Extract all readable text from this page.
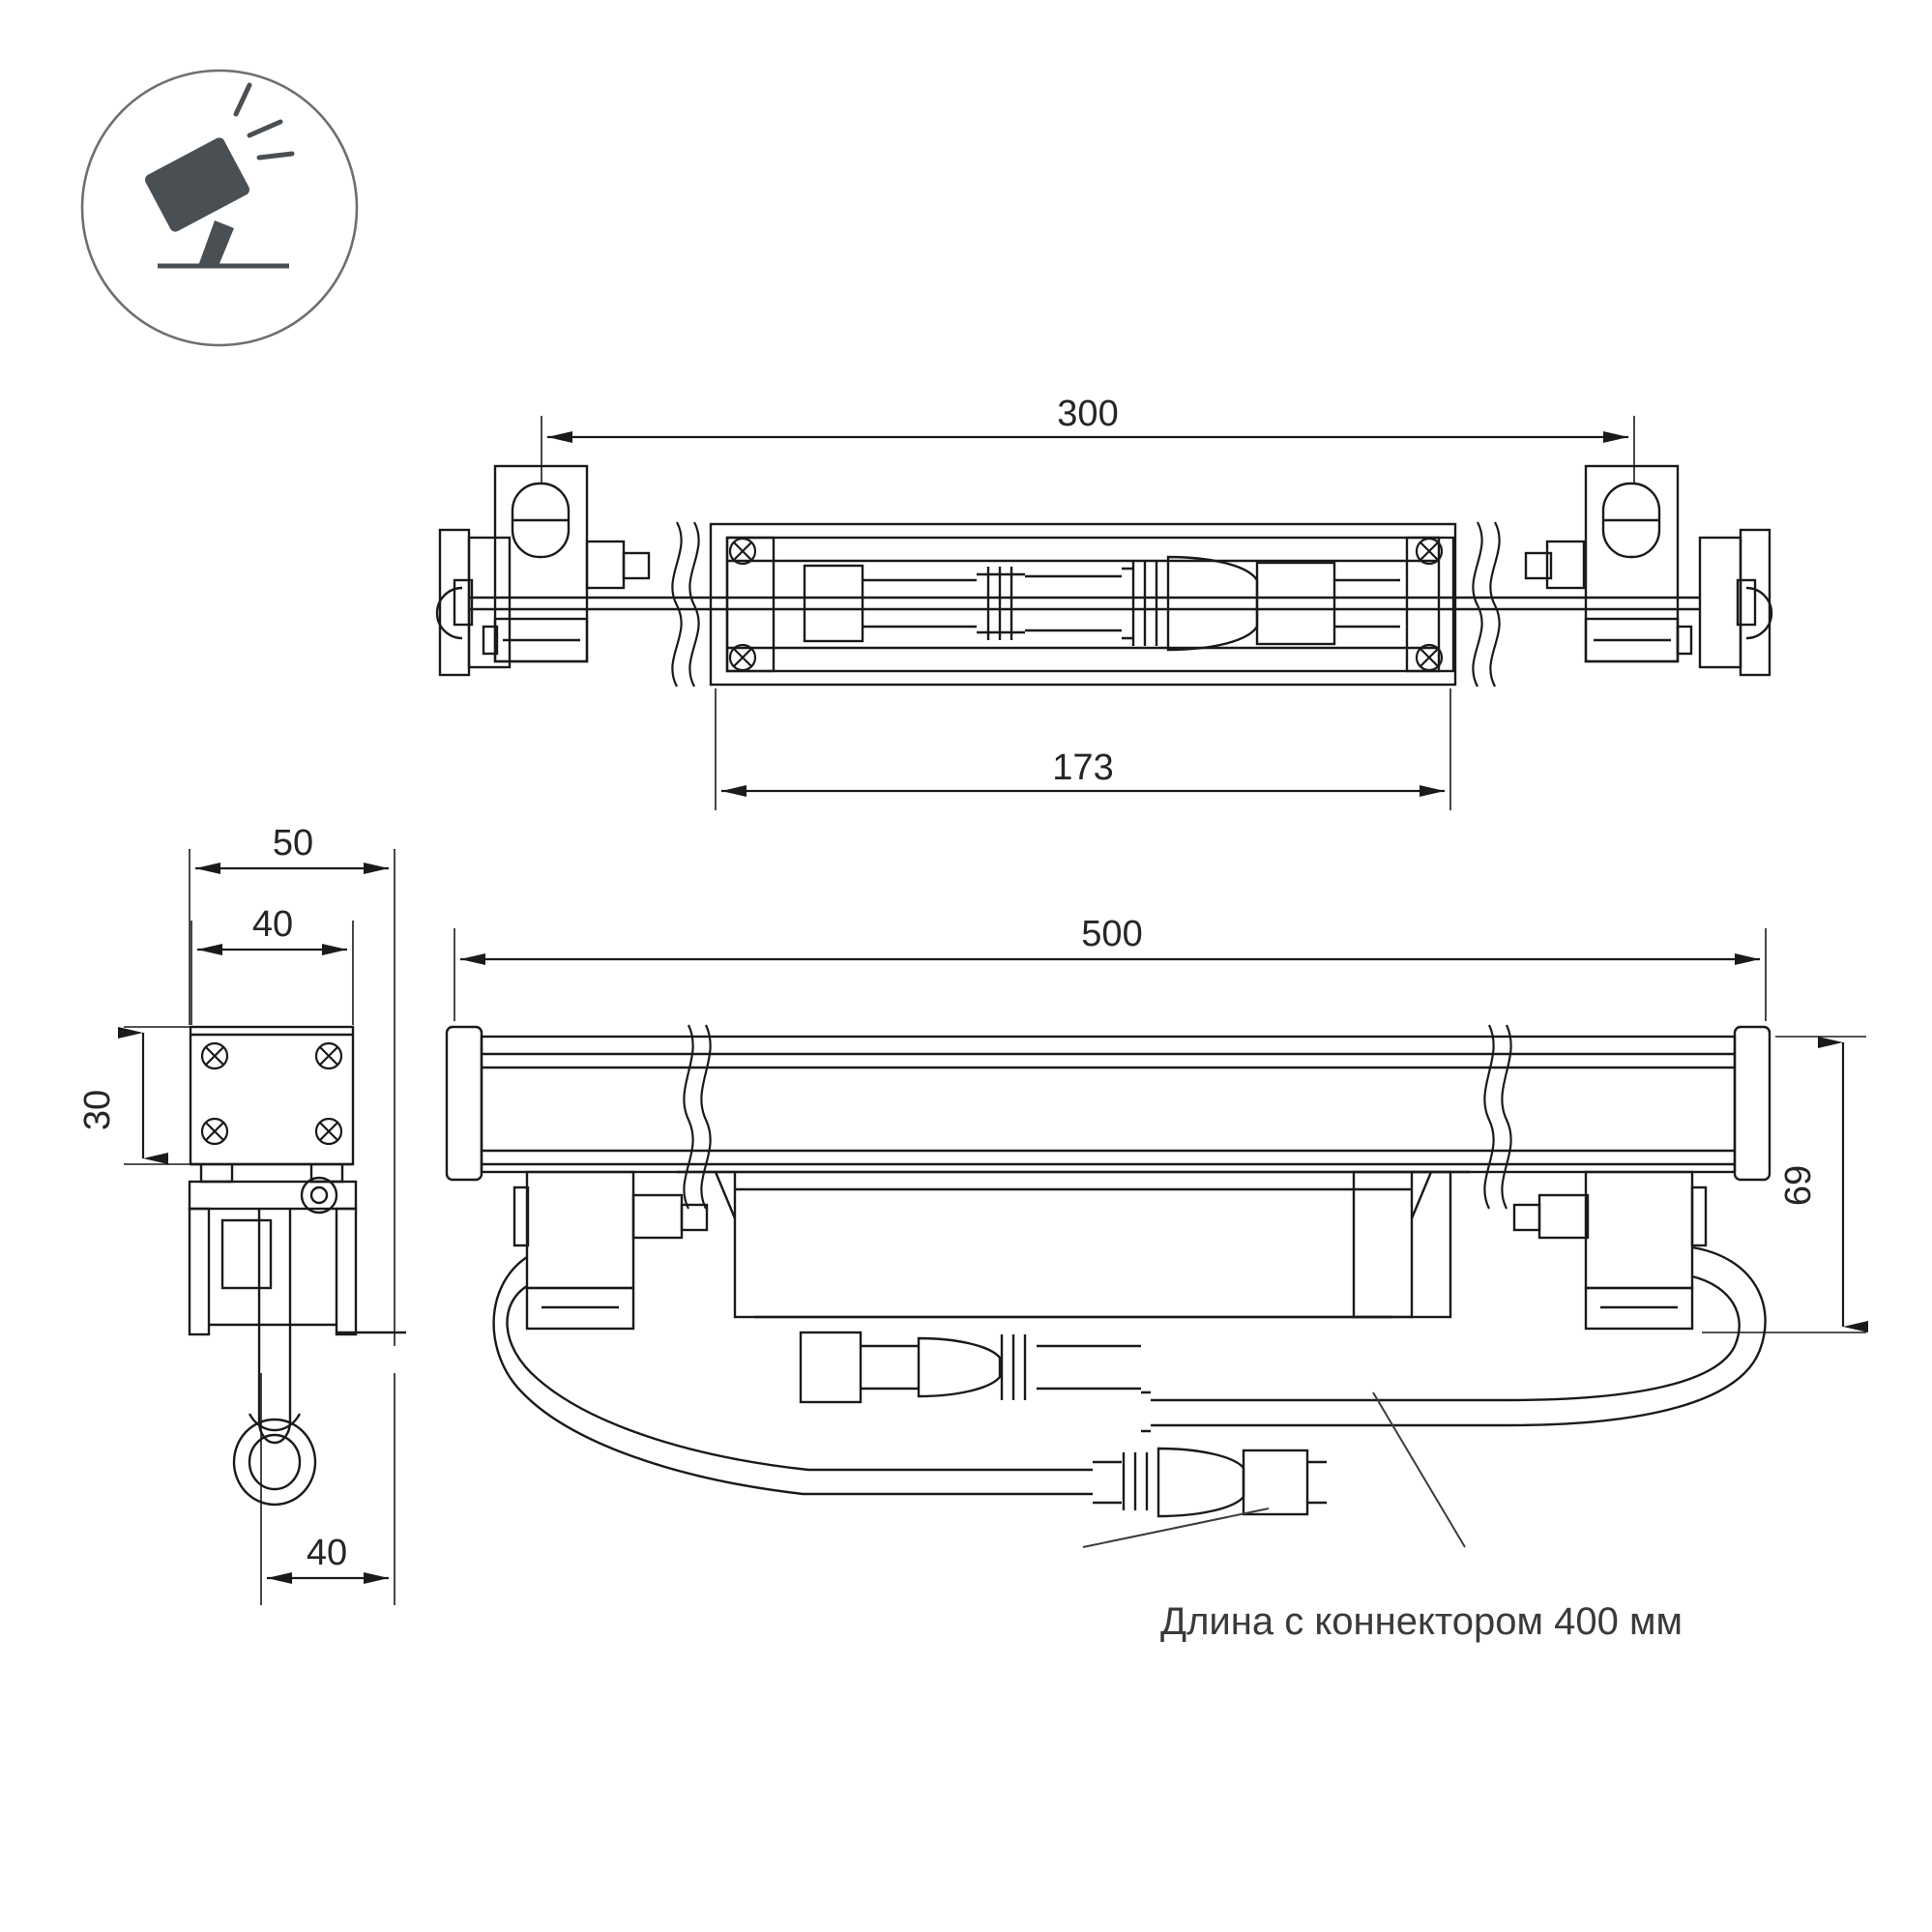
300
173
50
40
30
40
500
69
Длина с коннектором 400 мм
